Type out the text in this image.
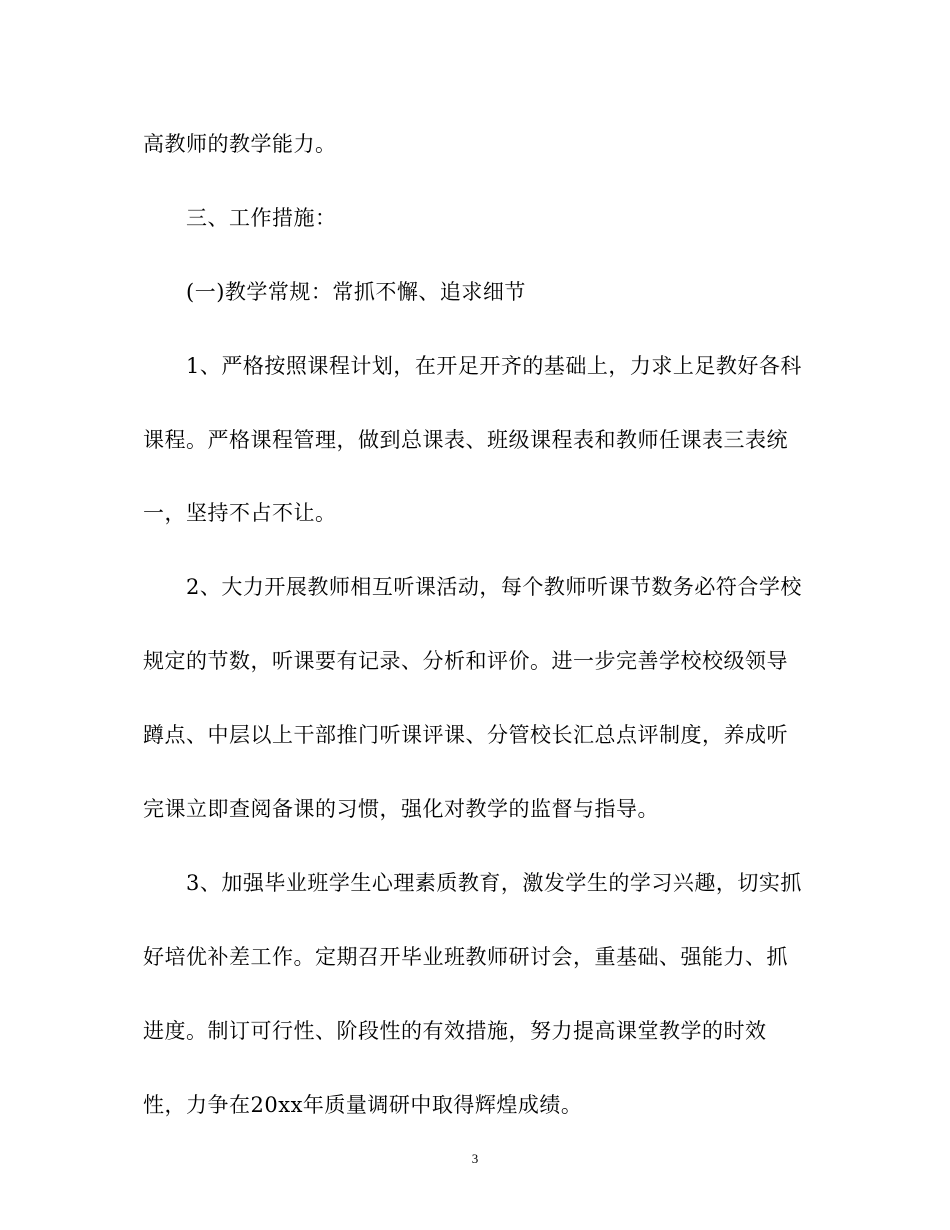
高教师的教学能力。
三、工作措施：
(一)教学常规：常抓不懈、追求细节
1、严格按照课程计划，在开足开齐的基础上，力求上足教好各科
课程。严格课程管理，做到总课表、班级课程表和教师任课表三表统
一，坚持不占不让。
2、大力开展教师相互听课活动，每个教师听课节数务必符合学校
规定的节数，听课要有记录、分析和评价。进一步完善学校校级领导
蹲点、中层以上干部推门听课评课、分管校长汇总点评制度，养成听
完课立即查阅备课的习惯，强化对教学的监督与指导。
3、加强毕业班学生心理素质教育，激发学生的学习兴趣，切实抓
好培优补差工作。定期召开毕业班教师研讨会，重基础、强能力、抓
进度。制订可行性、阶段性的有效措施，努力提高课堂教学的时效
性，力争在20xx年质量调研中取得辉煌成绩。
3
